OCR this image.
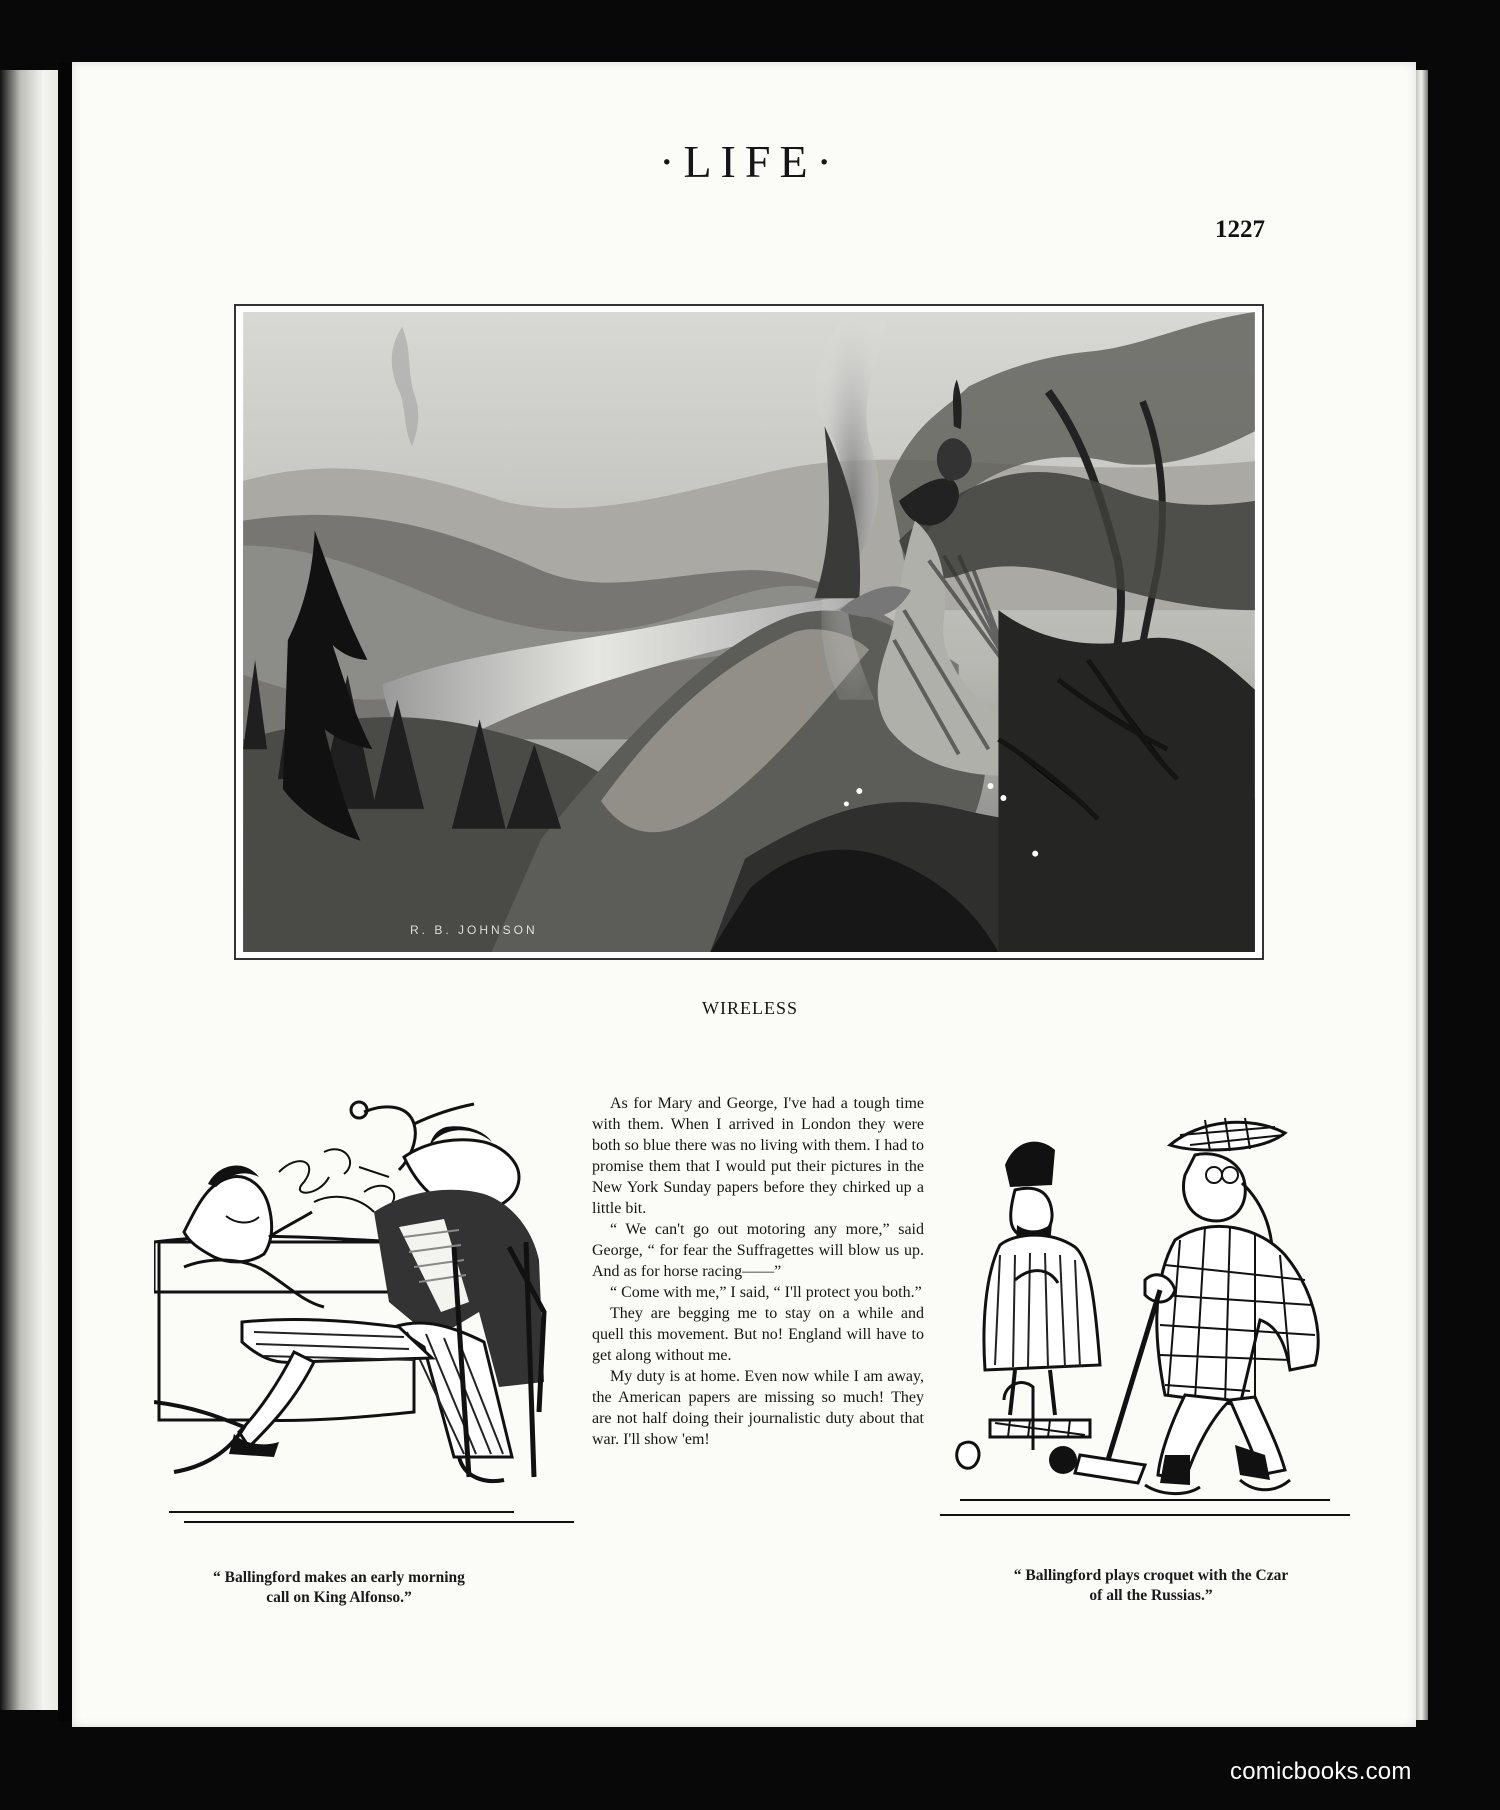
·LIFE·
1227
R. B. JOHNSON
WIRELESS
“ Ballingford makes an early morning
call on King Alfonso.”

As for Mary and George, I've had a tough time with them. When I arrived in London they were both so blue there was no living with them. I had to promise them that I would put their pictures in the New York Sunday papers before they chirked up a little bit.

“ We can't go out motoring any more,” said George, “ for fear the Suffragettes will blow us up. And as for horse racing——”

“ Come with me,” I said, “ I'll protect you both.”

They are begging me to stay on a while and quell this movement. But no! England will have to get along without me.

My duty is at home. Even now while I am away, the American papers are missing so much! They are not half doing their journalistic duty about that war. I'll show 'em!

“ Ballingford plays croquet with the Czar
of all the Russias.”
comicbooks.com
